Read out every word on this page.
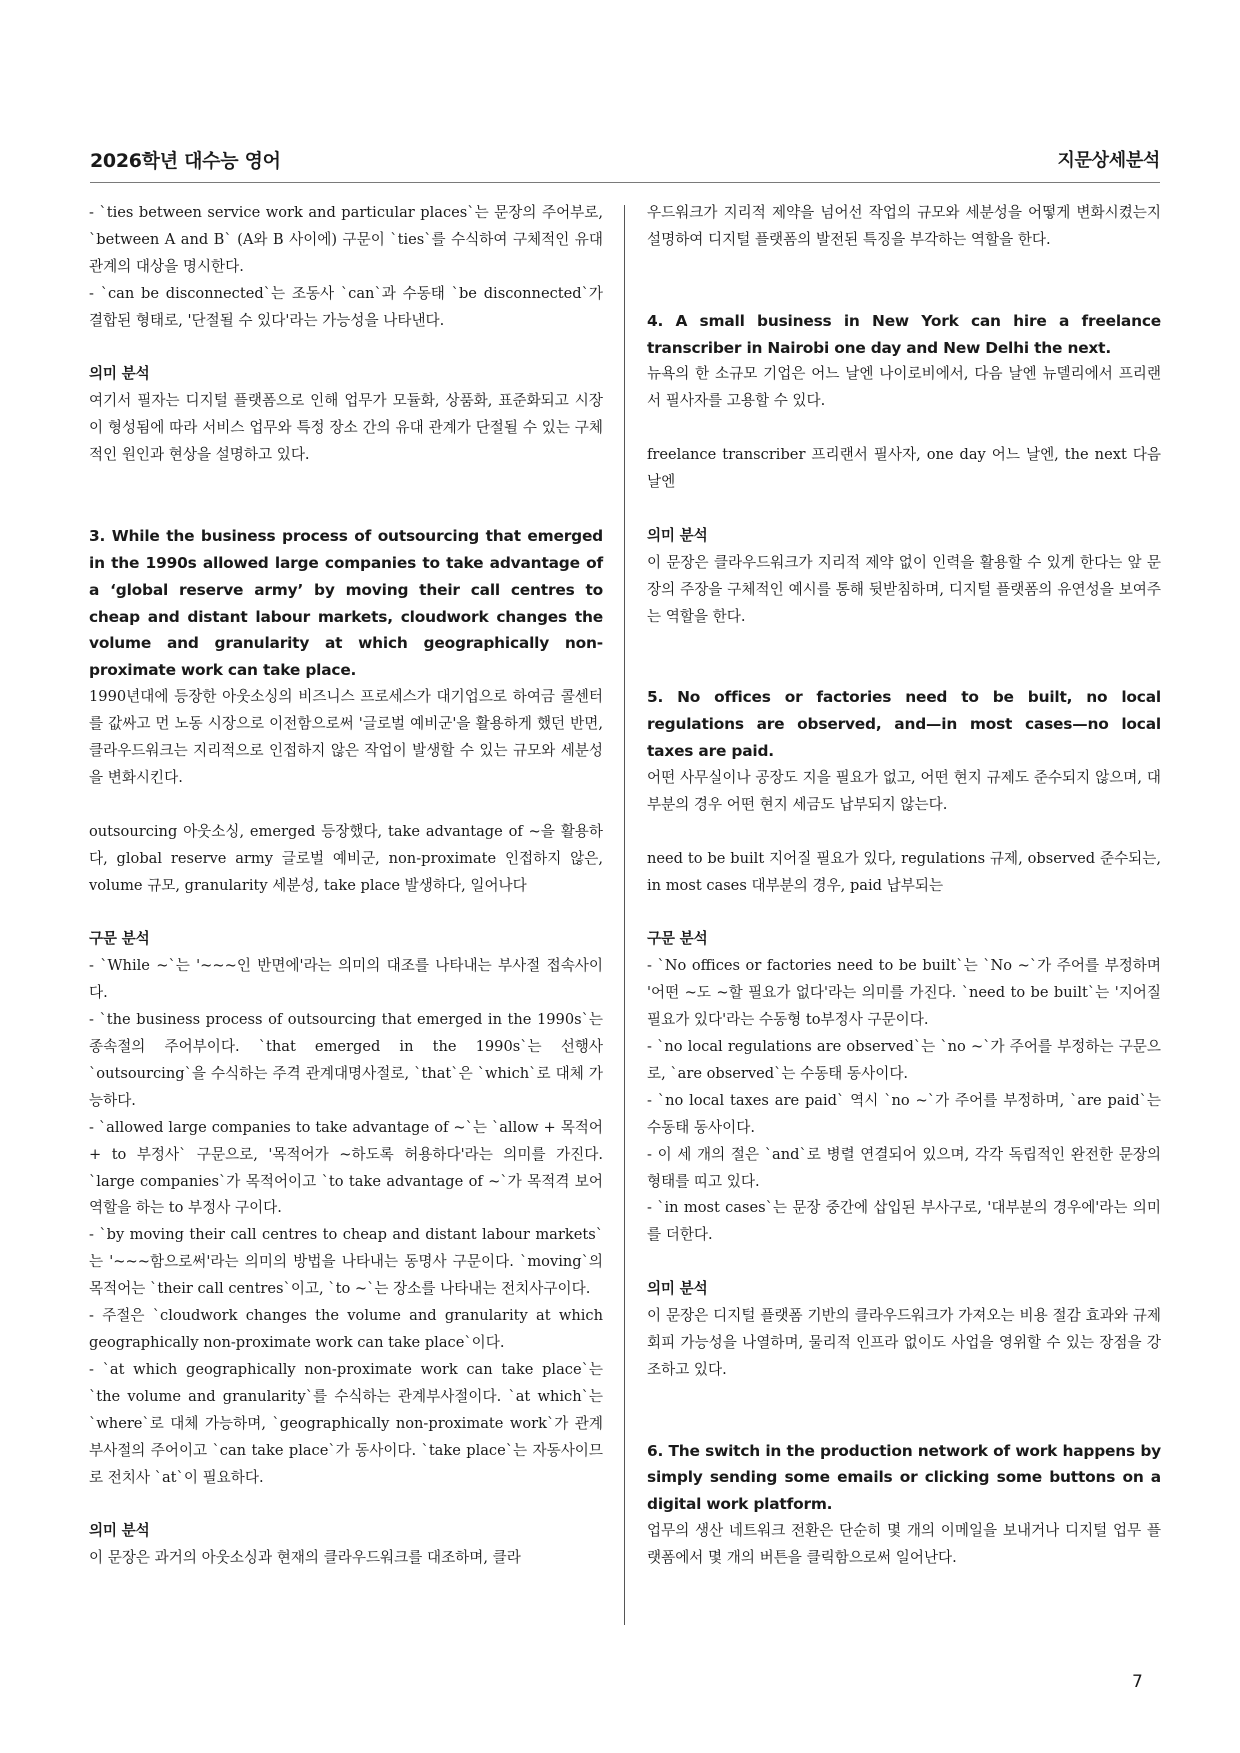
2026학년 대수능 영어	지문상세분석

- `ties between service work and particular places`는 문장의 주어부로, `between A and B` (A와 B 사이에) 구문이 `ties`를 수식하여 구체적인 유대 관계의 대상을 명시한다.

- `can be disconnected`는 조동사 `can`과 수동태 `be disconnected`가 결합된 형태로, '단절될 수 있다'라는 가능성을 나타낸다.

의미 분석

여기서 필자는 디지털 플랫폼으로 인해 업무가 모듈화, 상품화, 표준화되고 시장이 형성됨에 따라 서비스 업무와 특정 장소 간의 유대 관계가 단절될 수 있는 구체적인 원인과 현상을 설명하고 있다.

3. While the business process of outsourcing that emerged in the 1990s allowed large companies to take advantage of a ‘global reserve army’ by moving their call centres to cheap and distant labour markets, cloudwork changes the volume and granularity at which geographically non-proximate work can take place.

1990년대에 등장한 아웃소싱의 비즈니스 프로세스가 대기업으로 하여금 콜센터를 값싸고 먼 노동 시장으로 이전함으로써 '글로벌 예비군'을 활용하게 했던 반면, 클라우드워크는 지리적으로 인접하지 않은 작업이 발생할 수 있는 규모와 세분성을 변화시킨다.

outsourcing 아웃소싱, emerged 등장했다, take advantage of ~을 활용하다, global reserve army 글로벌 예비군, non-proximate 인접하지 않은, volume 규모, granularity 세분성, take place 발생하다, 일어나다

구문 분석

- `While ~`는 '~~~인 반면에'라는 의미의 대조를 나타내는 부사절 접속사이다.

- `the business process of outsourcing that emerged in the 1990s`는 종속절의 주어부이다. `that emerged in the 1990s`는 선행사 `outsourcing`을 수식하는 주격 관계대명사절로, `that`은 `which`로 대체 가능하다.

- `allowed large companies to take advantage of ~`는 `allow + 목적어 + to 부정사` 구문으로, '목적어가 ~하도록 허용하다'라는 의미를 가진다. `large companies`가 목적어이고 `to take advantage of ~`가 목적격 보어 역할을 하는 to 부정사 구이다.

- `by moving their call centres to cheap and distant labour markets`는 '~~~함으로써'라는 의미의 방법을 나타내는 동명사 구문이다. `moving`의 목적어는 `their call centres`이고, `to ~`는 장소를 나타내는 전치사구이다.

- 주절은 `cloudwork changes the volume and granularity at which geographically non-proximate work can take place`이다.

- `at which geographically non-proximate work can take place`는 `the volume and granularity`를 수식하는 관계부사절이다. `at which`는 `where`로 대체 가능하며, `geographically non-proximate work`가 관계부사절의 주어이고 `can take place`가 동사이다. `take place`는 자동사이므로 전치사 `at`이 필요하다.

의미 분석

이 문장은 과거의 아웃소싱과 현재의 클라우드워크를 대조하며, 클라

우드워크가 지리적 제약을 넘어선 작업의 규모와 세분성을 어떻게 변화시켰는지 설명하여 디지털 플랫폼의 발전된 특징을 부각하는 역할을 한다.

4. A small business in New York can hire a freelance transcriber in Nairobi one day and New Delhi the next.

뉴욕의 한 소규모 기업은 어느 날엔 나이로비에서, 다음 날엔 뉴델리에서 프리랜서 필사자를 고용할 수 있다.

freelance transcriber 프리랜서 필사자, one day 어느 날엔, the next 다음 날엔

의미 분석

이 문장은 클라우드워크가 지리적 제약 없이 인력을 활용할 수 있게 한다는 앞 문장의 주장을 구체적인 예시를 통해 뒷받침하며, 디지털 플랫폼의 유연성을 보여주는 역할을 한다.

5. No offices or factories need to be built, no local regulations are observed, and—in most cases—no local taxes are paid.

어떤 사무실이나 공장도 지을 필요가 없고, 어떤 현지 규제도 준수되지 않으며, 대부분의 경우 어떤 현지 세금도 납부되지 않는다.

need to be built 지어질 필요가 있다, regulations 규제, observed 준수되는, in most cases 대부분의 경우, paid 납부되는

구문 분석

- `No offices or factories need to be built`는 `No ~`가 주어를 부정하며 '어떤 ~도 ~할 필요가 없다'라는 의미를 가진다. `need to be built`는 '지어질 필요가 있다'라는 수동형 to부정사 구문이다.

- `no local regulations are observed`는 `no ~`가 주어를 부정하는 구문으로, `are observed`는 수동태 동사이다.

- `no local taxes are paid` 역시 `no ~`가 주어를 부정하며, `are paid`는 수동태 동사이다.

- 이 세 개의 절은 `and`로 병렬 연결되어 있으며, 각각 독립적인 완전한 문장의 형태를 띠고 있다.

- `in most cases`는 문장 중간에 삽입된 부사구로, '대부분의 경우에'라는 의미를 더한다.

의미 분석

이 문장은 디지털 플랫폼 기반의 클라우드워크가 가져오는 비용 절감 효과와 규제 회피 가능성을 나열하며, 물리적 인프라 없이도 사업을 영위할 수 있는 장점을 강조하고 있다.

6. The switch in the production network of work happens by simply sending some emails or clicking some buttons on a digital work platform.

업무의 생산 네트워크 전환은 단순히 몇 개의 이메일을 보내거나 디지털 업무 플랫폼에서 몇 개의 버튼을 클릭함으로써 일어난다.

7
